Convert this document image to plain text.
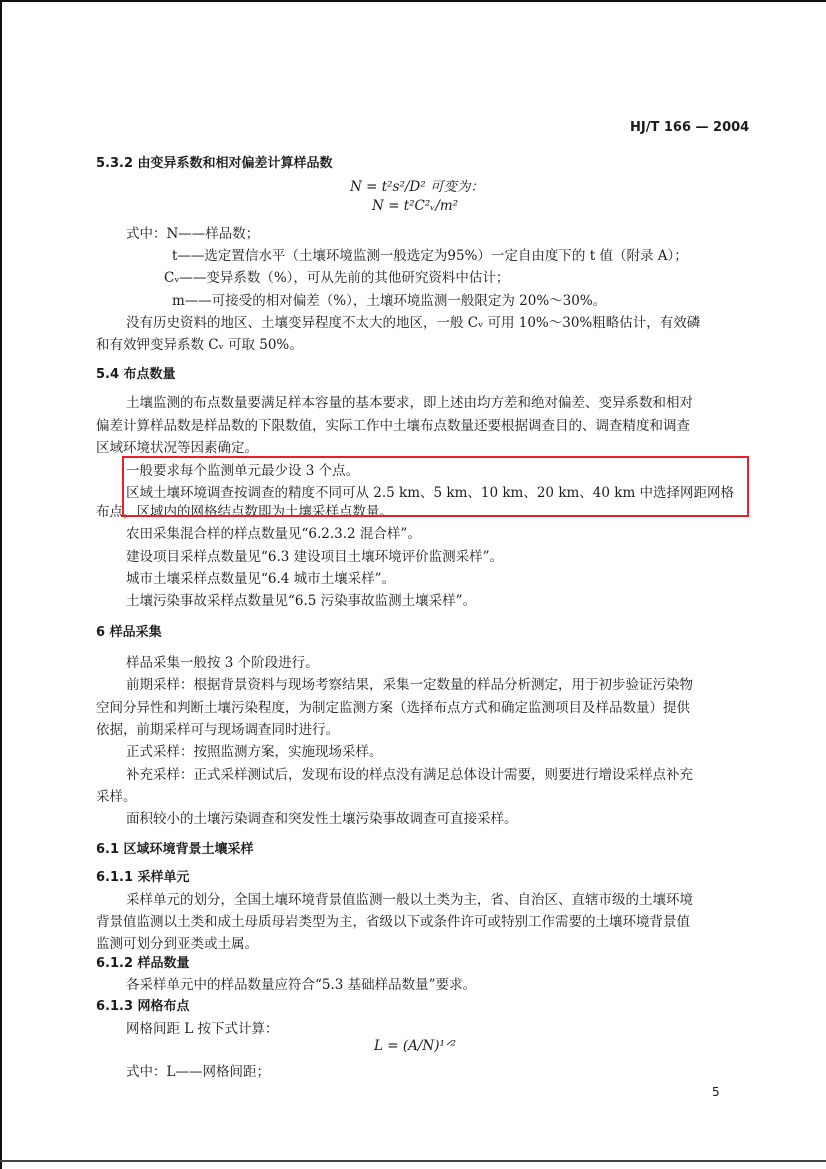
HJ/T 166 — 2004
5.3.2 由变异系数和相对偏差计算样品数
N = t²s²/D² 可变为：
N = t²C²ᵥ/m²
式中：N——样品数；
t——选定置信水平（土壤环境监测一般选定为95%）一定自由度下的 t 值（附录 A）；
Cᵥ——变异系数（%），可从先前的其他研究资料中估计；
m——可接受的相对偏差（%），土壤环境监测一般限定为 20%～30%。
没有历史资料的地区、土壤变异程度不太大的地区，一般 Cᵥ 可用 10%～30%粗略估计，有效磷
和有效钾变异系数 Cᵥ 可取 50%。
5.4 布点数量
土壤监测的布点数量要满足样本容量的基本要求，即上述由均方差和绝对偏差、变异系数和相对
偏差计算样品数是样品数的下限数值，实际工作中土壤布点数量还要根据调查目的、调查精度和调查
区域环境状况等因素确定。
一般要求每个监测单元最少设 3 个点。
区域土壤环境调查按调查的精度不同可从 2.5 km、5 km、10 km、20 km、40 km 中选择网距网格
布点，区域内的网格结点数即为土壤采样点数量。
农田采集混合样的样点数量见“6.2.3.2 混合样”。
建设项目采样点数量见“6.3 建设项目土壤环境评价监测采样”。
城市土壤采样点数量见“6.4 城市土壤采样”。
土壤污染事故采样点数量见“6.5 污染事故监测土壤采样”。
6 样品采集
样品采集一般按 3 个阶段进行。
前期采样：根据背景资料与现场考察结果，采集一定数量的样品分析测定，用于初步验证污染物
空间分异性和判断土壤污染程度，为制定监测方案（选择布点方式和确定监测项目及样品数量）提供
依据，前期采样可与现场调查同时进行。
正式采样：按照监测方案，实施现场采样。
补充采样：正式采样测试后，发现布设的样点没有满足总体设计需要，则要进行增设采样点补充
采样。
面积较小的土壤污染调查和突发性土壤污染事故调查可直接采样。
6.1 区域环境背景土壤采样
6.1.1 采样单元
采样单元的划分，全国土壤环境背景值监测一般以土类为主，省、自治区、直辖市级的土壤环境
背景值监测以土类和成土母质母岩类型为主，省级以下或条件许可或特别工作需要的土壤环境背景值
监测可划分到亚类或土属。
6.1.2 样品数量
各采样单元中的样品数量应符合“5.3 基础样品数量”要求。
6.1.3 网格布点
网格间距 L 按下式计算：
L = (A/N)¹ᐟ²
式中：L——网格间距；
5
